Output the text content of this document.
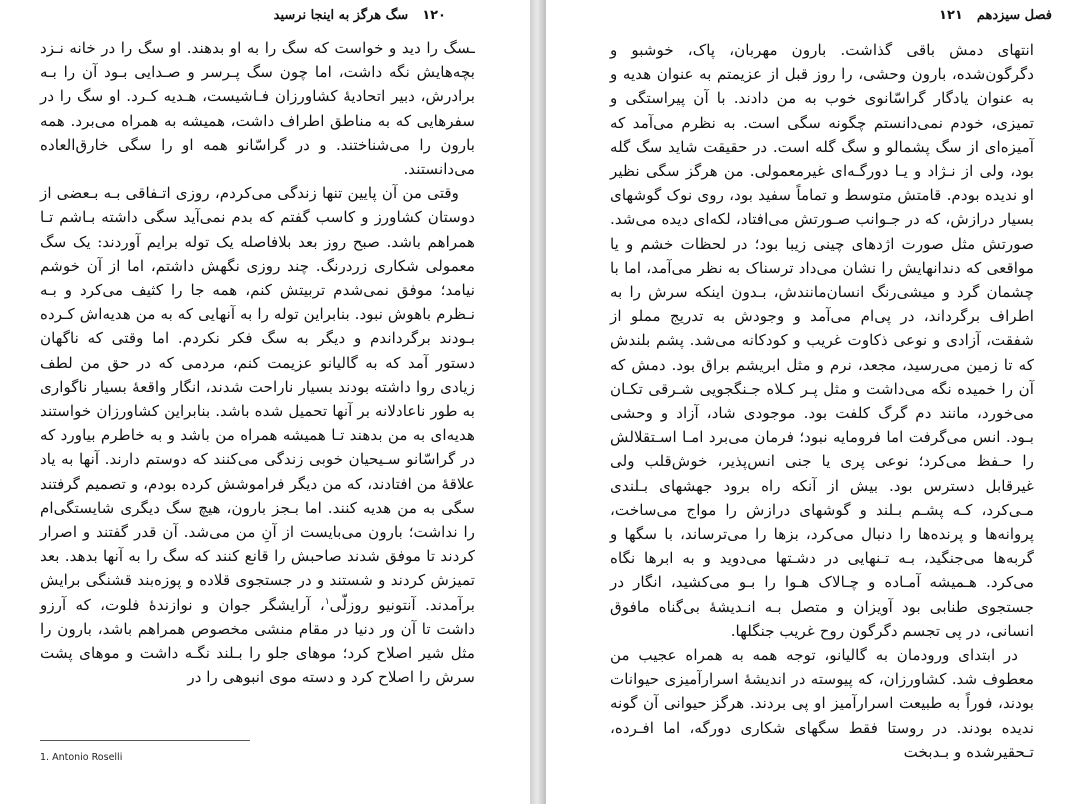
۱۲۰
سگ هرگز به اینجا نرسید

ـسگ را دید و خواست که سگ را به او بدهند. او سگ را در خانه نـزد بچه‌هایش نگه داشت، اما چون سگ پـرسر و صـدایی بـود آن را بـه برادرش، دبیر اتحادیهٔ کشاورزان فـاشیست، هـدیه کـرد. او سگ را در سفرهایی که به مناطق اطراف داشت، همیشه به همراه می‌برد. همه بارون را می‌شناختند. و در گراسّانو همه او را سگی خارق‌العاده می‌دانستند.

وقتی من آن پایین تنها زندگی می‌کردم، روزی اتـفاقی بـه بـعضی از دوستان کشاورز و کاسب گفتم که بدم نمی‌آید سگی داشته بـاشم تـا همراهم باشد. صبح روز بعد بلافاصله یک توله برایم آوردند: یک سگ معمولی شکاری زردرنگ. چند روزی نگهش داشتم، اما از آن خوشم نیامد؛ موفق نمی‌شدم تربیتش کنم، همه جا را کثیف می‌کرد و بـه نـظرم باهوش نبود. بنابراین توله را به آنهایی که به من هدیه‌اش کـرده بـودند برگرداندم و دیگر به سگ فکر نکردم. اما وقتی که ناگهان دستور آمد که به گالیانو عزیمت کنم، مردمی که در حق من لطف زیادی روا داشته بودند بسیار ناراحت شدند، انگار واقعهٔ بسیار ناگواری به طور ناعادلانه بر آنها تحمیل شده باشد. بنابراین کشاورزان خواستند هدیه‌ای به من بدهند تـا همیشه همراه من باشد و به خاطرم بیاورد که در گراسّانو سـیحیان خوبی زندگی می‌کنند که دوستم دارند. آنها به یاد علاقهٔ من افتادند، که من دیگر فراموشش کرده بودم، و تصمیم گرفتند سگی به من هدیه کنند. اما بـجز بارون، هیچ سگ دیگری شایستگی‌ام را نداشت؛ بارون می‌بایست از آنِ من می‌شد. آن قدر گفتند و اصرار کردند تا موفق شدند صاحبش را قانع کنند که سگ را به آنها بدهد. بعد تمیزش کردند و شستند و در جستجوی قلاده و پوزه‌بند قشنگی برایش برآمدند. آنتونیو روزلّی$^۱$، آرایشگر جوان و نوازندهٔ فلوت، که آرزو داشت تا آن ور دنیا در مقام منشی مخصوص همراهم باشد، بارون را مثل شیر اصلاح کرد؛ موهای جلو را بـلند نگـه داشت و موهای پشت سرش را اصلاح کرد و دسته موی انبوهی را در

1. Antonio Roselli
فصل سیزدهم
۱۲۱

انتهای دمش باقی گذاشت. بارون مهربان، پاک، خوشبو و دگرگون‌شده، بارون وحشی، را روز قبل از عزیمتم به عنوان هدیه و به عنوان یادگار گراسّانوی خوب به من دادند. با آن پیراستگی و تمیزی، خودم نمی‌دانستم چگونه سگی است. به نظرم می‌آمد که آمیزه‌ای از سگ پشمالو و سگ گله است. در حقیقت شاید سگ گله بود، ولی از نـژاد و یـا دورگـه‌ای غیرمعمولی. من هرگز سگی نظیر او ندیده بودم. قامتش متوسط و تماماً سفید بود، روی نوک گوشهای بسیار درازش، که در جـوانب صـورتش می‌افتاد، لکه‌ای دیده می‌شد. صورتش مثل صورت اژدهای چینی زیبا بود؛ در لحظات خشم و یا مواقعی که دندانهایش را نشان می‌داد ترسناک به نظر می‌آمد، اما با چشمان گرد و میشی‌رنگ انسان‌مانندش، بـدون اینکه سرش را به اطراف برگرداند، در پی‌ام می‌آمد و وجودش به تدریج مملو از شفقت، آزادی و نوعی ذکاوت غریب و کودکانه می‌شد. پشم بلندش که تا زمین می‌رسید، مجعد، نرم و مثل ابریشم براق بود. دمش که آن را خمیده نگه می‌داشت و مثل پـر کـلاه جـنگجویی شـرقی تکـان می‌خورد، مانند دم گرگ کلفت بود. موجودی شاد، آزاد و وحشی بـود. انس می‌گرفت اما فرومایه نبود؛ فرمان می‌برد امـا اسـتقلالش را حـفظ می‌کرد؛ نوعی پری یا جنی انس‌پذیر، خوش‌قلب ولی غیرقابل دسترس بود. بیش از آنکه راه برود جهشهای بـلندی مـی‌کرد، کـه پشـم بـلند و گوشهای درازش را مواج می‌ساخت، پروانه‌ها و پرنده‌ها را دنبال می‌کرد، بزها را می‌ترساند، با سگها و گربه‌ها می‌جنگید، بـه تـنهایی در دشـتها می‌دوید و به ابرها نگاه می‌کرد. هـمیشه آمـاده و چـالاک هـوا را بـو می‌کشید، انگار در جستجوی طنابی بود آویزان و متصل بـه انـدیشهٔ بی‌گناه مافوق انسانی، در پی تجسم دگرگون روح غریب جنگلها.

در ابتدای ورودمان به گالیانو، توجه همه به همراه عجیب من معطوف شد. کشاورزان، که پیوسته در اندیشهٔ اسرارآمیزی حیوانات بودند، فوراً به طبیعت اسرارآمیز او پی بردند. هرگز حیوانی آن گونه ندیده بودند. در روستا فقط سگهای شکاری دورگه، اما افـرده، تـحقیرشده و بـدبخت
